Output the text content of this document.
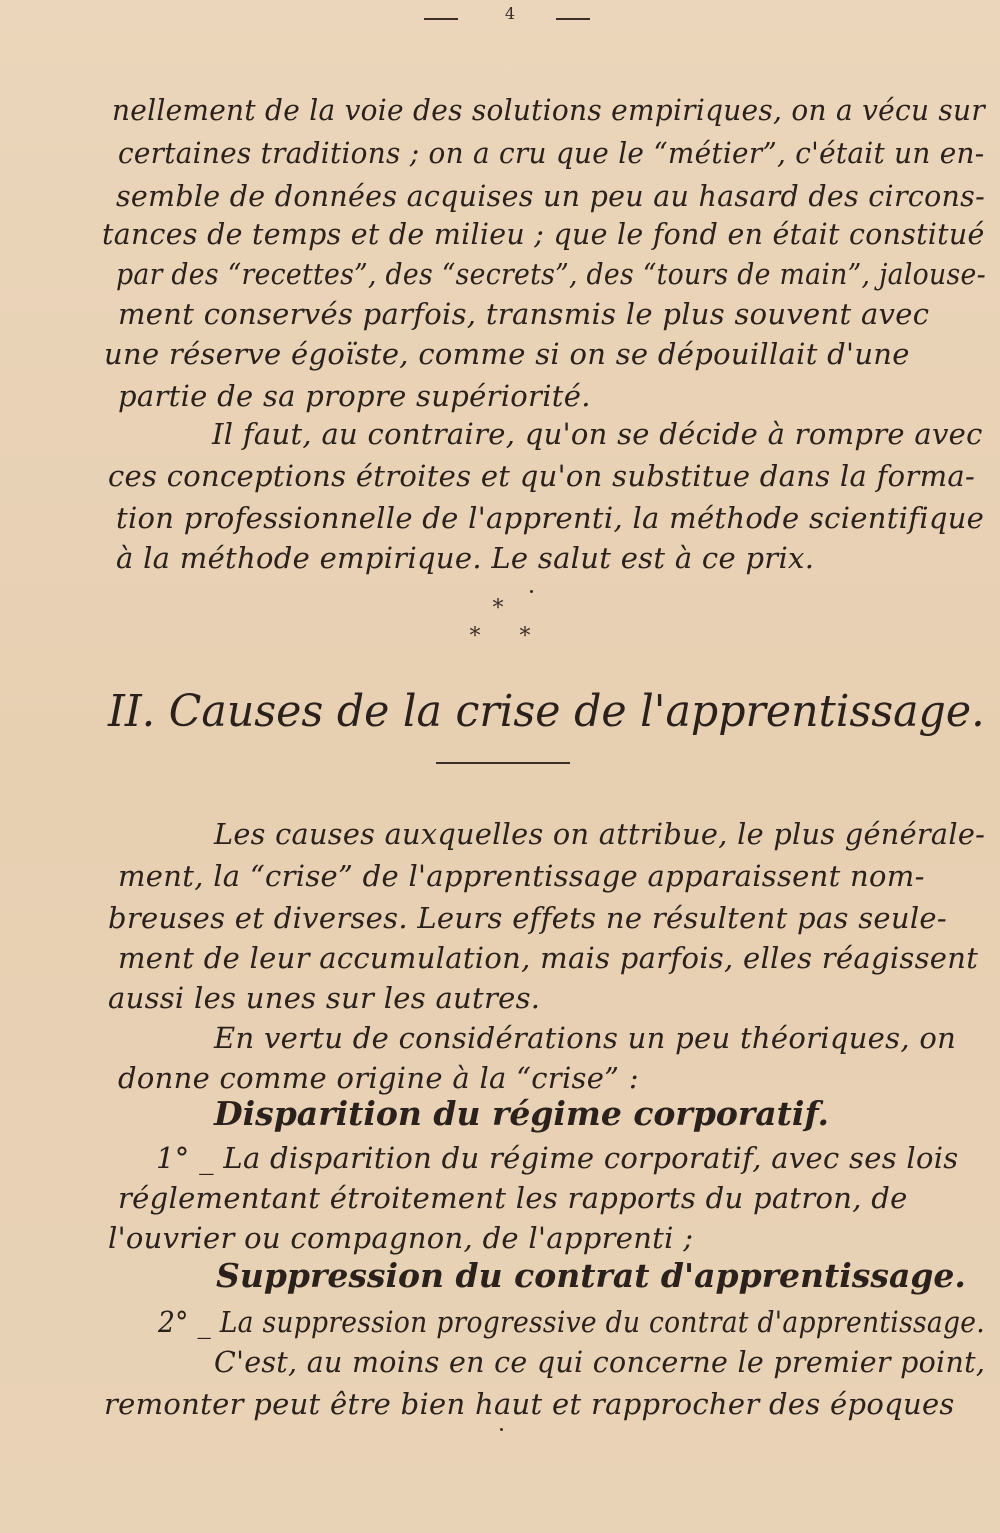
4
nellement de la voie des solutions empiriques, on a vécu sur
certaines traditions ; on a cru que le “métier”, c'était un en-
semble de données acquises un peu au hasard des circons-
tances de temps et de milieu ; que le fond en était constitué
par des “recettes”, des “secrets”, des “tours de main”, jalouse-
ment conservés parfois, transmis le plus souvent avec
une réserve égoïste, comme si on se dépouillait d'une
partie de sa propre supériorité.
Il faut, au contraire, qu'on se décide à rompre avec
ces conceptions étroites et qu'on substitue dans la forma-
tion professionnelle de l'apprenti, la méthode scientifique
à la méthode empirique. Le salut est à ce prix.
*
* *
II. Causes de la crise de l'apprentissage.
Les causes auxquelles on attribue, le plus générale-
ment, la “crise” de l'apprentissage apparaissent nom-
breuses et diverses. Leurs effets ne résultent pas seule-
ment de leur accumulation, mais parfois, elles réagissent
aussi les unes sur les autres.
En vertu de considérations un peu théoriques, on
donne comme origine à la “crise” :
Disparition du régime corporatif.
1° _ La disparition du régime corporatif, avec ses lois
réglementant étroitement les rapports du patron, de
l'ouvrier ou compagnon, de l'apprenti ;
Suppression du contrat d'apprentissage.
2° _ La suppression progressive du contrat d'apprentissage.
C'est, au moins en ce qui concerne le premier point,
remonter peut être bien haut et rapprocher des époques
